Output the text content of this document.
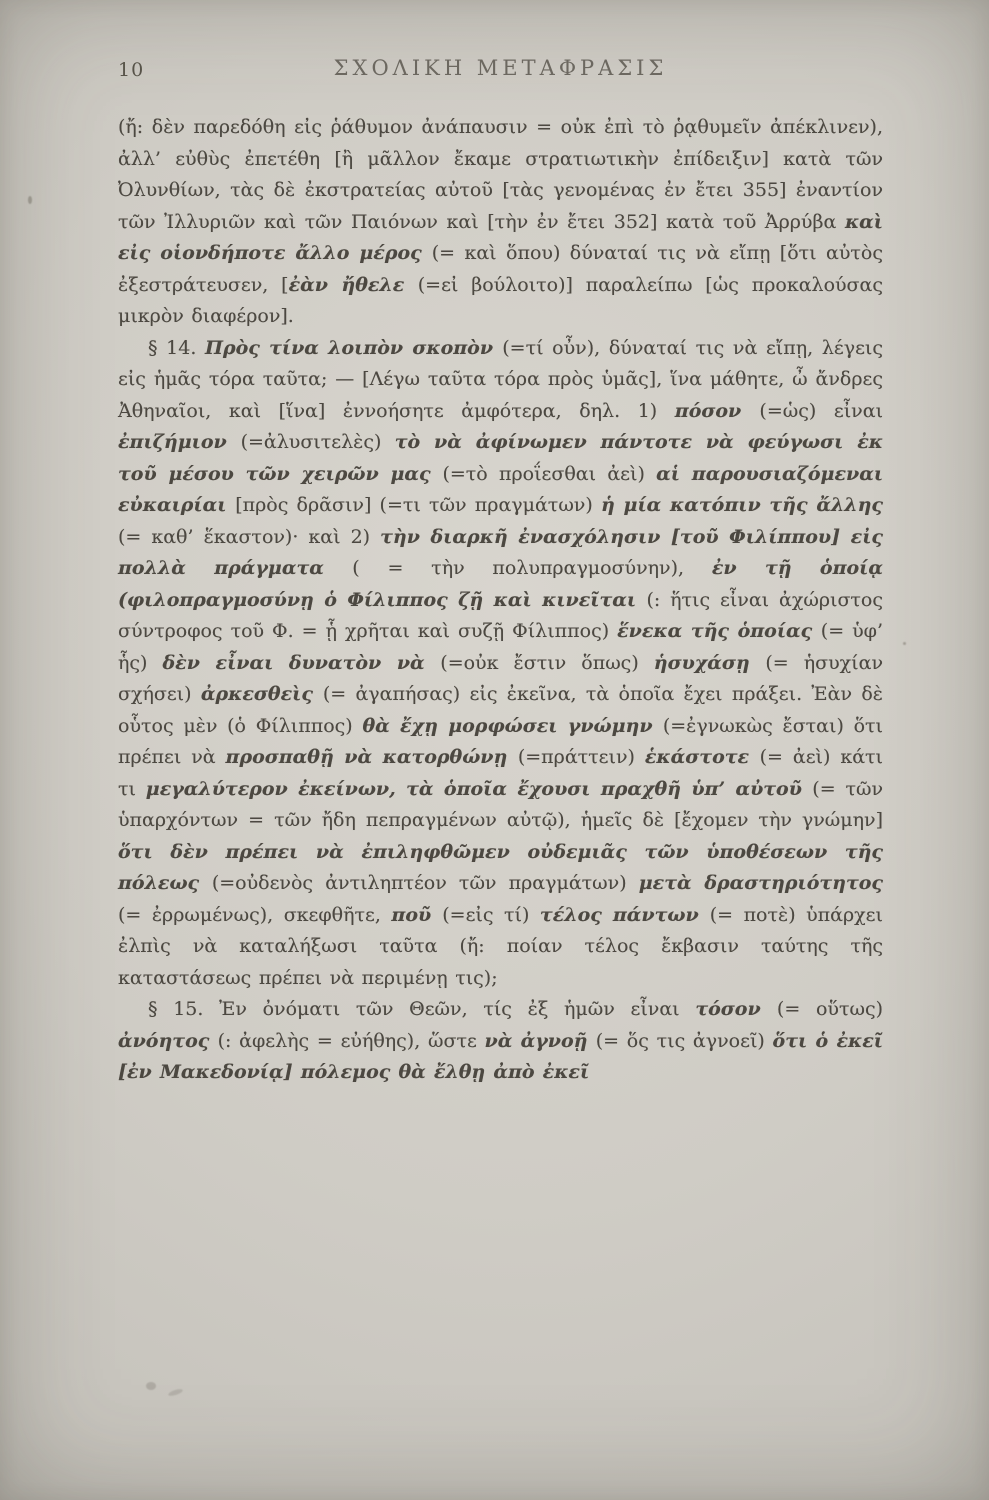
10	ΣΧΟΛΙΚΗ ΜΕΤΑΦΡΑΣΙΣ

(ἤ: δὲν παρεδόθη εἰς ῥάθυμον ἀνάπαυσιν = οὐκ ἐπὶ τὸ ῥᾳθυμεῖν ἀπέκλινεν), ἀλλ’ εὐθὺς ἐπετέθη [ἢ μᾶλλον ἔκαμε στρατιωτικὴν ἐπίδειξιν] κατὰ τῶν Ὀλυνθίων, τὰς δὲ ἐκστρατείας αὐτοῦ [τὰς γενομένας ἐν ἔτει 355] ἐναντίον τῶν Ἰλλυριῶν καὶ τῶν Παιόνων καὶ [τὴν ἐν ἔτει 352] κατὰ τοῦ Ἀρρύβα καὶ εἰς οἱονδήποτε ἄλλο μέρος (= καὶ ὅπου) δύναταί τις νὰ εἴπῃ [ὅτι αὐτὸς ἐξεστράτευσεν, [ἐὰν ἤθελε (=εἰ βούλοιτο)] παραλείπω [ὡς προκαλούσας μικρὸν διαφέρον].

§ 14. Πρὸς τίνα λοιπὸν σκοπὸν (=τί οὖν), δύναταί τις νὰ εἴπῃ, λέγεις εἰς ἡμᾶς τόρα ταῦτα; — [Λέγω ταῦτα τόρα πρὸς ὑμᾶς], ἵνα μάθητε, ὦ ἄνδρες Ἀθηναῖοι, καὶ [ἵνα] ἐννοήσητε ἀμφότερα, δηλ. 1) πόσον (=ὡς) εἶναι ἐπιζήμιον (=ἀλυσιτελὲς) τὸ νὰ ἀφίνωμεν πάντοτε νὰ φεύγωσι ἐκ τοῦ μέσου τῶν χειρῶν μας (=τὸ προΐεσθαι ἀεὶ) αἱ παρουσιαζόμεναι εὐκαιρίαι [πρὸς δρᾶσιν] (=τι τῶν πραγμάτων) ἡ μία κατόπιν τῆς ἄλλης (= καθ’ ἕκαστον)· καὶ 2) τὴν διαρκῆ ἐνασχόλησιν [τοῦ Φιλίππου] εἰς πολλὰ πράγματα ( = τὴν πολυπραγμοσύνην), ἐν τῇ ὁποίᾳ (φιλοπραγμοσύνῃ ὁ Φίλιππος ζῇ καὶ κινεῖται (: ἥτις εἶναι ἀχώριστος σύντροφος τοῦ Φ. = ᾗ χρῆται καὶ συζῇ Φίλιππος) ἕνεκα τῆς ὁποίας (= ὑφ’ ἧς) δὲν εἶναι δυνατὸν νὰ (=οὐκ ἔστιν ὅπως) ἡσυχάσῃ (= ἡσυχίαν σχήσει) ἀρκεσθεὶς (= ἀγαπήσας) εἰς ἐκεῖνα, τὰ ὁποῖα ἔχει πράξει. Ἐὰν δὲ οὗτος μὲν (ὁ Φίλιππος) θὰ ἔχῃ μορφώσει γνώμην (=ἐγνωκὼς ἔσται) ὅτι πρέπει νὰ προσπαθῇ νὰ κατορθώνῃ (=πράττειν) ἑκάστοτε (= ἀεὶ) κάτι τι μεγαλύτερον ἐκείνων, τὰ ὁποῖα ἔχουσι πραχθῆ ὑπ’ αὐτοῦ (= τῶν ὑπαρχόντων = τῶν ἤδη πεπραγμένων αὐτῷ), ἡμεῖς δὲ [ἔχομεν τὴν γνώμην] ὅτι δὲν πρέπει νὰ ἐπιληφθῶμεν οὐδεμιᾶς τῶν ὑποθέσεων τῆς πόλεως (=οὐδενὸς ἀντιληπτέον τῶν πραγμάτων) μετὰ δραστηριότητος (= ἐρρωμένως), σκεφθῆτε, ποῦ (=εἰς τί) τέλος πάντων (= ποτὲ) ὑπάρχει ἐλπὶς νὰ καταλήξωσι ταῦτα (ἤ: ποίαν τέλος ἔκβασιν ταύτης τῆς καταστάσεως πρέπει νὰ περιμένῃ τις);

§ 15. Ἐν ὀνόματι τῶν Θεῶν, τίς ἐξ ἡμῶν εἶναι τόσον (= οὕτως) ἀνόητος (: ἀφελὴς = εὐήθης), ὥστε νὰ ἀγνοῇ (= ὅς τις ἀγνοεῖ) ὅτι ὁ ἐκεῖ [ἐν Μακεδονίᾳ] πόλεμος θὰ ἔλθῃ ἀπὸ ἐκεῖ
